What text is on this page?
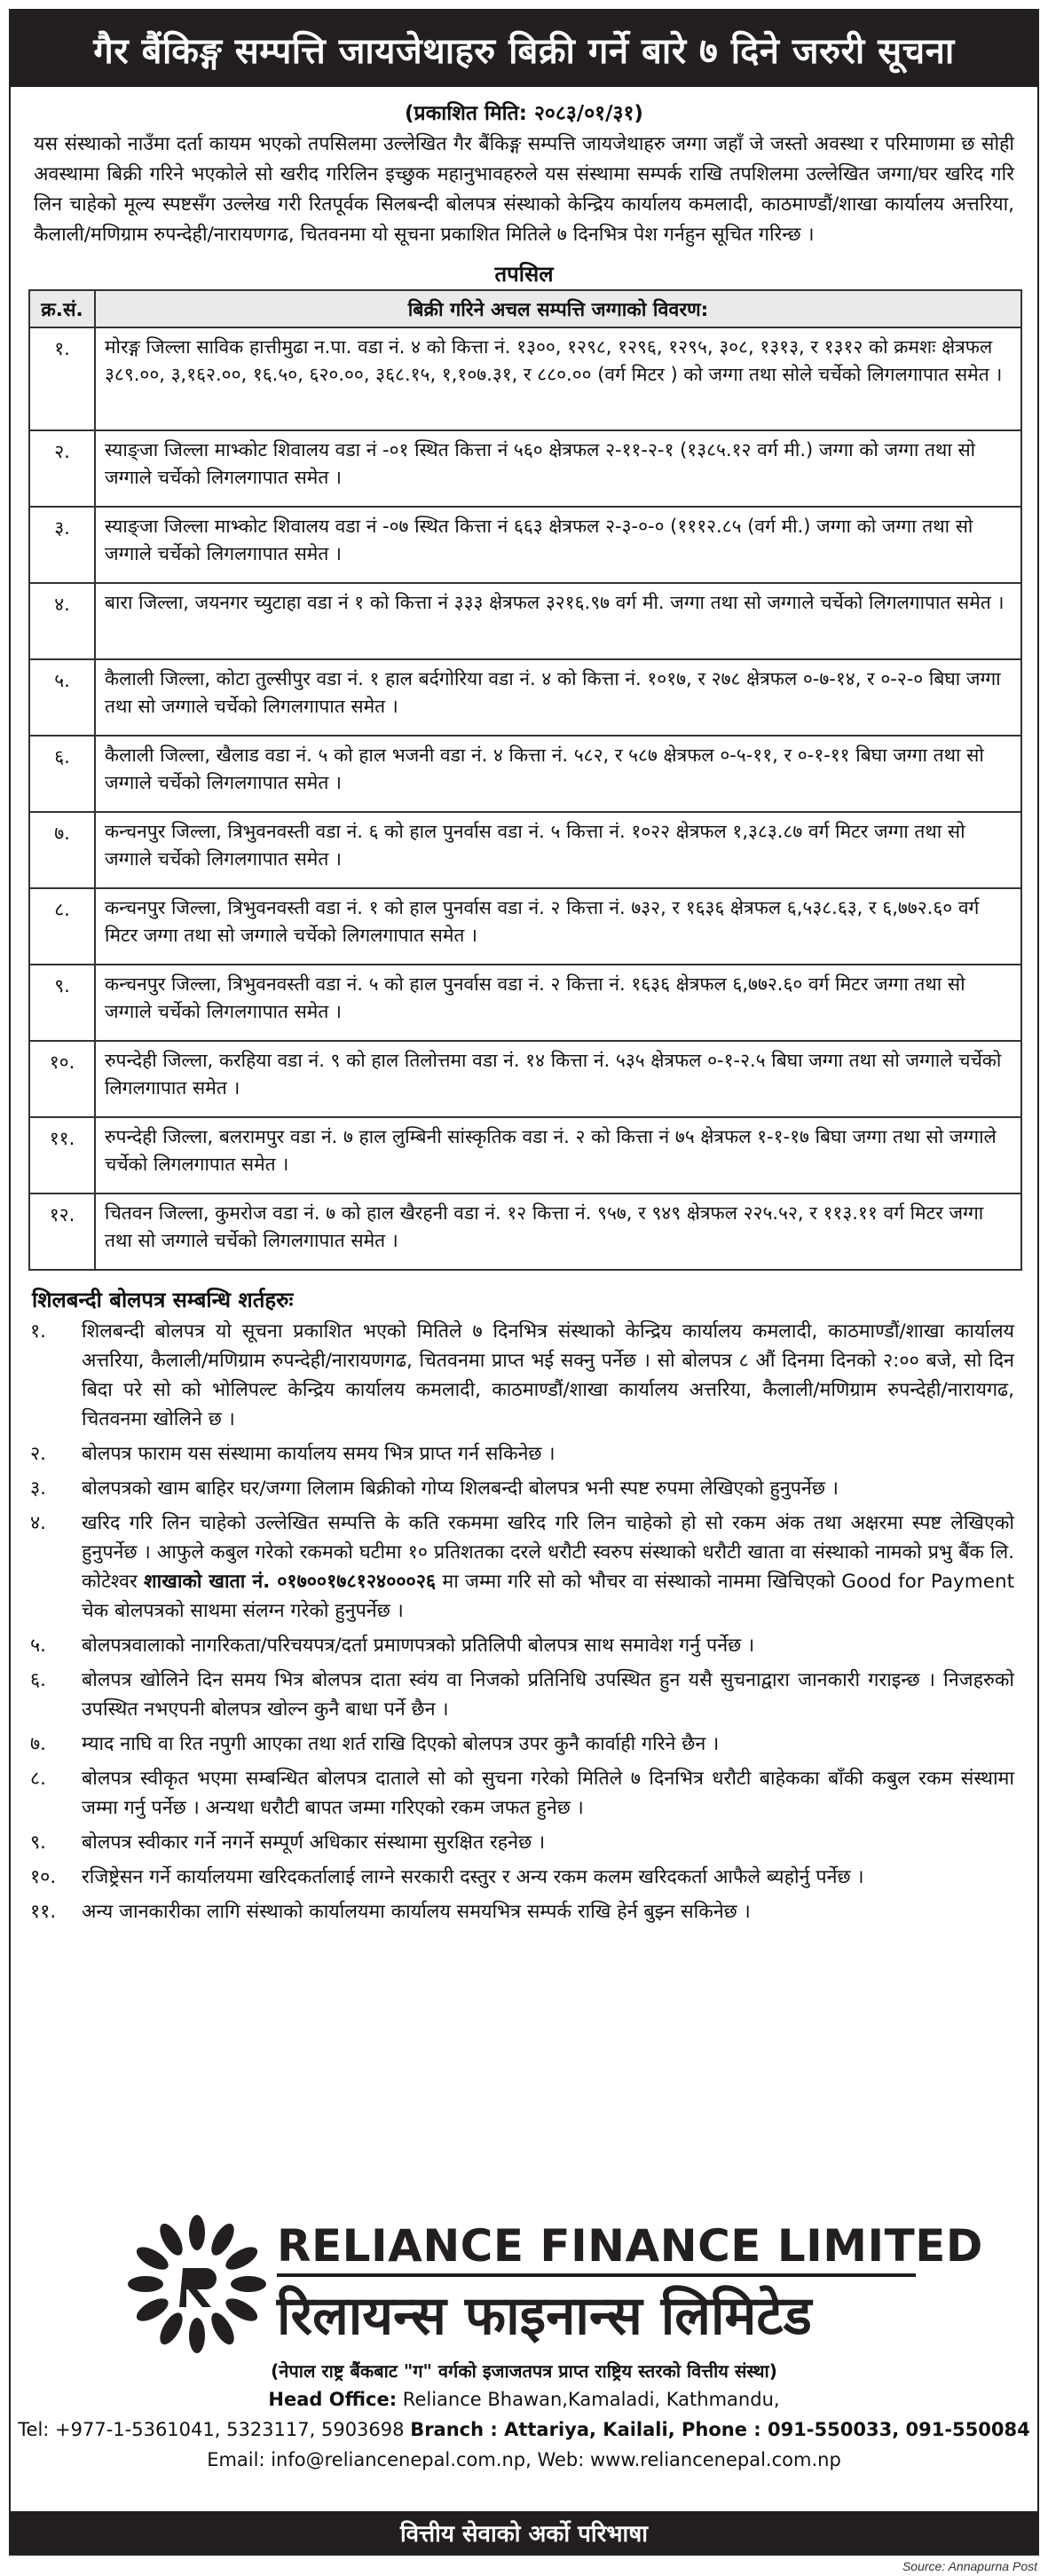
गैर बैंकिङ्ग सम्पत्ति जायजेथाहरु बिक्री गर्ने बारे ७ दिने जरुरी सूचना
(प्रकाशित मिति: २०८३/०१/३१)

यस संस्थाको नाउँमा दर्ता कायम भएको तपसिलमा उल्लेखित गैर बैंकिङ्ग सम्पत्ति जायजेथाहरु जग्गा जहाँ जे जस्तो अवस्था र परिमाणमा छ सोही अवस्थामा बिक्री गरिने भएकोले सो खरीद गरिलिन इच्छुक महानुभावहरुले यस संस्थामा सम्पर्क राखि तपशिलमा उल्लेखित जग्गा/घर खरिद गरि लिन चाहेको मूल्य स्पष्टसँग उल्लेख गरी रितपूर्वक सिलबन्दी बोलपत्र संस्थाको केन्द्रिय कार्यालय कमलादी, काठमाण्डौं/शाखा कार्यालय अत्तरिया, कैलाली/मणिग्राम रुपन्देही/नारायणगढ, चितवनमा यो सूचना प्रकाशित मितिले ७ दिनभित्र पेश गर्नहुन सूचित गरिन्छ ।

तपसिल
क्र.सं.	बिक्री गरिने अचल सम्पत्ति जग्गाको विवरण:
१.	मोरङ्ग जिल्ला साविक हात्तीमुढा न.पा. वडा नं. ४ को कित्ता नं. १३००, १२९८, १२९६, १२९५, ३०८, १३१३, र १३१२ को क्रमशः क्षेत्रफल ३८९.००, ३,१६२.००, १६.५०, ६२०.००, ३६८.१५, १,१०७.३१, र ८८०.०० (वर्ग मिटर ) को जग्गा तथा सोले चर्चेको लिगलगापात समेत ।
२.	स्याङ्जा जिल्ला माभ्कोट शिवालय वडा नं -०१ स्थित कित्ता नं ५६० क्षेत्रफल २-११-२-१ (१३८५.१२ वर्ग मी.) जग्गा को जग्गा तथा सो जग्गाले चर्चेको लिगलगापात समेत ।
३.	स्याङ्जा जिल्ला माभ्कोट शिवालय वडा नं -०७ स्थित कित्ता नं ६६३ क्षेत्रफल २-३-०-० (१११२.८५ (वर्ग मी.) जग्गा को जग्गा तथा सो जग्गाले चर्चेको लिगलगापात समेत ।
४.	बारा जिल्ला, जयनगर च्युटाहा वडा नं १ को कित्ता नं ३३३ क्षेत्रफल ३२१६.९७ वर्ग मी. जग्गा तथा सो जग्गाले चर्चेको लिगलगापात समेत ।
५.	कैलाली जिल्ला, कोटा तुल्सीपुर वडा नं. १ हाल बर्दगोरिया वडा नं. ४ को कित्ता नं. १०१७, र २७८ क्षेत्रफल ०-७-१४, र ०-२-० बिघा जग्गा तथा सो जग्गाले चर्चेको लिगलगापात समेत ।
६.	कैलाली जिल्ला, खैलाड वडा नं. ५ को हाल भजनी वडा नं. ४ कित्ता नं. ५८२, र ५८७ क्षेत्रफल ०-५-११, र ०-१-११ बिघा जग्गा तथा सो जग्गाले चर्चेको लिगलगापात समेत ।
७.	कन्चनपुर जिल्ला, त्रिभुवनवस्ती वडा नं. ६ को हाल पुनर्वास वडा नं. ५ कित्ता नं. १०२२ क्षेत्रफल १,३८३.८७ वर्ग मिटर जग्गा तथा सो जग्गाले चर्चेको लिगलगापात समेत ।
८.	कन्चनपुर जिल्ला, त्रिभुवनवस्ती वडा नं. १ को हाल पुनर्वास वडा नं. २ कित्ता नं. ७३२, र १६३६ क्षेत्रफल ६,५३८.६३, र ६,७७२.६० वर्ग मिटर जग्गा तथा सो जग्गाले चर्चेको लिगलगापात समेत ।
९.	कन्चनपुर जिल्ला, त्रिभुवनवस्ती वडा नं. ५ को हाल पुनर्वास वडा नं. २ कित्ता नं. १६३६ क्षेत्रफल ६,७७२.६० वर्ग मिटर जग्गा तथा सो जग्गाले चर्चेको लिगलगापात समेत ।
१०.	रुपन्देही जिल्ला, करहिया वडा नं. ९ को हाल तिलोत्तमा वडा नं. १४ कित्ता नं. ५३५ क्षेत्रफल ०-१-२.५ बिघा जग्गा तथा सो जग्गाले चर्चेको लिगलगापात समेत ।
११.	रुपन्देही जिल्ला, बलरामपुर वडा नं. ७ हाल लुम्बिनी सांस्कृतिक वडा नं. २ को कित्ता नं ७५ क्षेत्रफल १-१-१७ बिघा जग्गा तथा सो जग्गाले चर्चेको लिगलगापात समेत ।
१२.	चितवन जिल्ला, कुमरोज वडा नं. ७ को हाल खैरहनी वडा नं. १२ कित्ता नं. ९५७, र ९४९ क्षेत्रफल २२५.५२, र ११३.११ वर्ग मिटर जग्गा तथा सो जग्गाले चर्चेको लिगलगापात समेत ।
शिलबन्दी बोलपत्र सम्बन्धि शर्तहरुः
१.	शिलबन्दी बोलपत्र यो सूचना प्रकाशित भएको मितिले ७ दिनभित्र संस्थाको केन्द्रिय कार्यालय कमलादी, काठमाण्डौं/शाखा कार्यालय अत्तरिया, कैलाली/मणिग्राम रुपन्देही/नारायणगढ, चितवनमा प्राप्त भई सक्नु पर्नेछ । सो बोलपत्र ८ औं दिनमा दिनको २:०० बजे, सो दिन बिदा परे सो को भोलिपल्ट केन्द्रिय कार्यालय कमलादी, काठमाण्डौं/शाखा कार्यालय अत्तरिया, कैलाली/मणिग्राम रुपन्देही/नारायगढ, चितवनमा खोलिने छ ।
२.	बोलपत्र फाराम यस संस्थामा कार्यालय समय भित्र प्राप्त गर्न सकिनेछ ।
३.	बोलपत्रको खाम बाहिर घर/जग्गा लिलाम बिक्रीको गोप्य शिलबन्दी बोलपत्र भनी स्पष्ट रुपमा लेखिएको हुनुपर्नेछ ।
४.	खरिद गरि लिन चाहेको उल्लेखित सम्पत्ति के कति रकममा खरिद गरि लिन चाहेको हो सो रकम अंक तथा अक्षरमा स्पष्ट लेखिएको हुनुपर्नेछ । आफुले कबुल गरेको रकमको घटीमा १० प्रतिशतका दरले धरौटी स्वरुप संस्थाको धरौटी खाता वा संस्थाको नामको प्रभु बैंक लि. कोटेश्वर शाखाको खाता नं. ०१७००१७८१२४०००२६ मा जम्मा गरि सो को भौचर वा संस्थाको नाममा खिचिएको Good for Payment चेक बोलपत्रको साथमा संलग्न गरेको हुनुपर्नेछ ।
५.	बोलपत्रवालाको नागरिकता/परिचयपत्र/दर्ता प्रमाणपत्रको प्रतिलिपी बोलपत्र साथ समावेश गर्नु पर्नेछ ।
६.	बोलपत्र खोलिने दिन समय भित्र बोलपत्र दाता स्वंय वा निजको प्रतिनिधि उपस्थित हुन यसै सुचनाद्वारा जानकारी गराइन्छ । निजहरुको उपस्थित नभएपनी बोलपत्र खोल्न कुनै बाधा पर्ने छैन ।
७.	म्याद नाघि वा रित नपुगी आएका तथा शर्त राखि दिएको बोलपत्र उपर कुनै कार्वाही गरिने छैन ।
८.	बोलपत्र स्वीकृत भएमा सम्बन्धित बोलपत्र दाताले सो को सुचना गरेको मितिले ७ दिनभित्र धरौटी बाहेकका बाँकी कबुल रकम संस्थामा जम्मा गर्नु पर्नेछ । अन्यथा धरौटी बापत जम्मा गरिएको रकम जफत हुनेछ ।
९.	बोलपत्र स्वीकार गर्ने नगर्ने सम्पूर्ण अधिकार संस्थामा सुरक्षित रहनेछ ।
१०.	रजिष्ट्रेसन गर्ने कार्यालयमा खरिदकर्तालाई लाग्ने सरकारी दस्तुर र अन्य रकम कलम खरिदकर्ता आफैले ब्यहोर्नु पर्नेछ ।
११.	अन्य जानकारीका लागि संस्थाको कार्यालयमा कार्यालय समयभित्र सम्पर्क राखि हेर्न बुझ्न सकिनेछ ।
RELIANCE FINANCE LIMITED
रिलायन्स फाइनान्स लिमिटेड
(नेपाल राष्ट्र बैंकबाट "ग" वर्गको इजाजतपत्र प्राप्त राष्ट्रिय स्तरको वित्तीय संस्था)
Head Office: Reliance Bhawan,Kamaladi, Kathmandu,
Tel: +977-1-5361041, 5323117, 5903698 Branch : Attariya, Kailali, Phone : 091-550033, 091-550084
Email: info@reliancenepal.com.np, Web: www.reliancenepal.com.np
वित्तीय सेवाको अर्को परिभाषा
Source: Annapurna Post
